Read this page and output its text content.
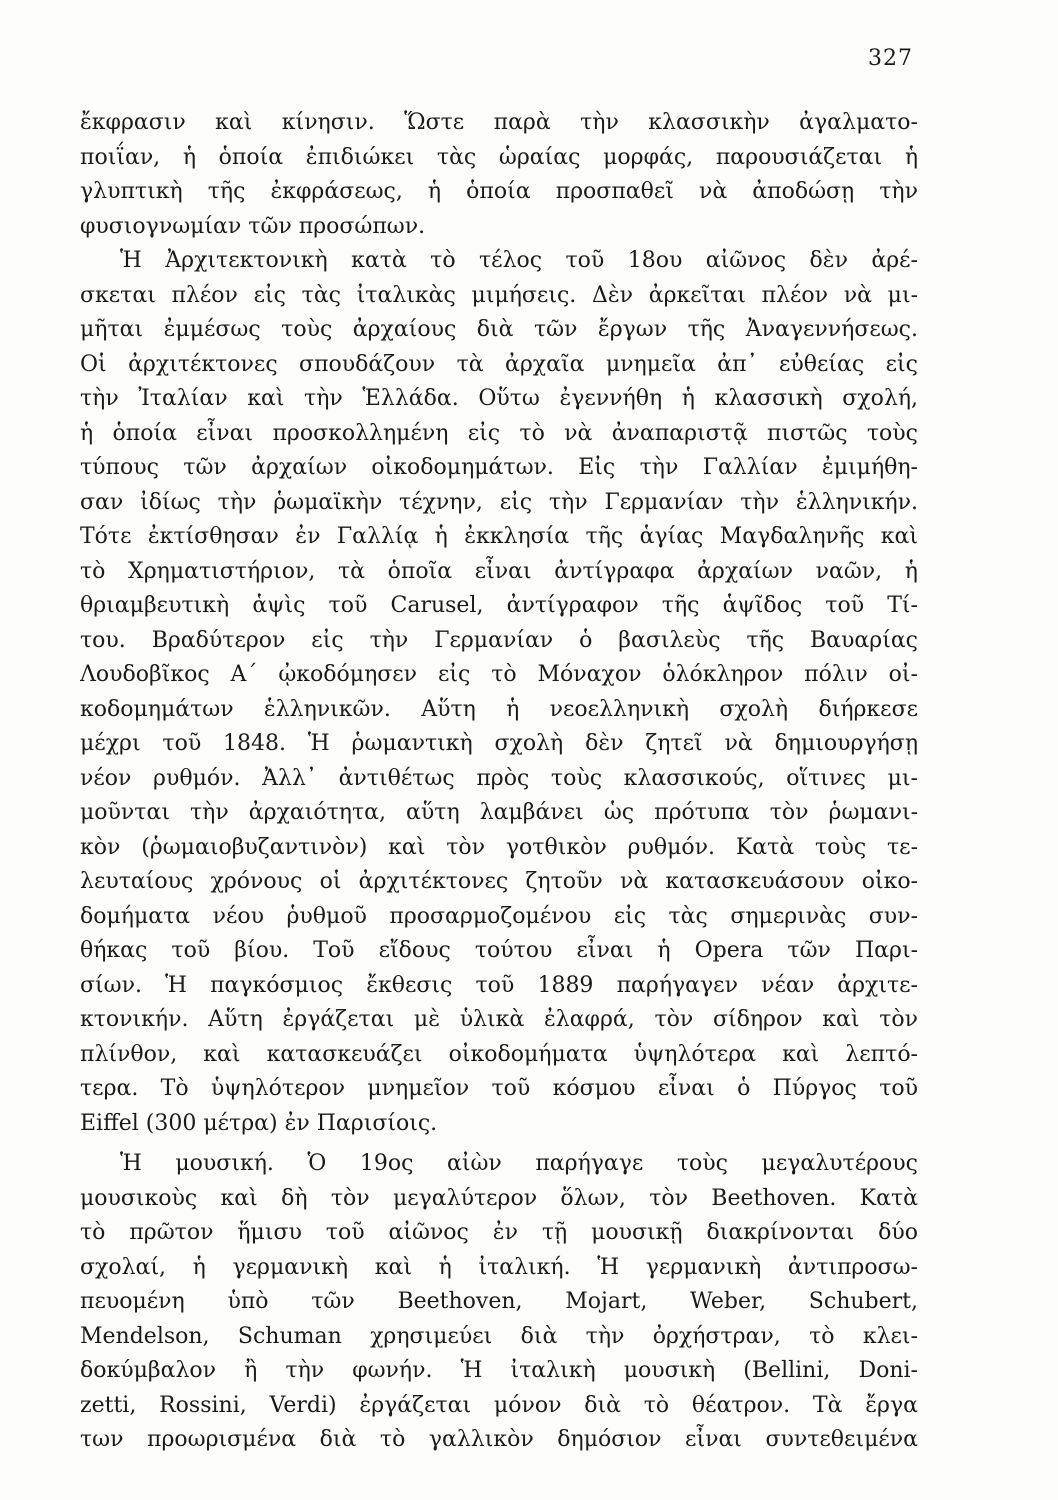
327
ἔκφρασιν καὶ κίνησιν. Ὥστε παρὰ τὴν κλασσικὴν ἀγαλματο-
ποιΐαν, ἡ ὁποία ἐπιδιώκει τὰς ὡραίας μορφάς, παρουσιάζεται ἡ
γλυπτικὴ τῆς ἐκφράσεως, ἡ ὁποία προσπαθεῖ νὰ ἀποδώσῃ τὴν
φυσιογνωμίαν τῶν προσώπων.
Ἡ Ἀρχιτεκτονικὴ κατὰ τὸ τέλος τοῦ 18ου αἰῶνος δὲν ἀρέ-
σκεται πλέον εἰς τὰς ἰταλικὰς μιμήσεις. Δὲν ἀρκεῖται πλέον νὰ μι-
μῆται ἐμμέσως τοὺς ἀρχαίους διὰ τῶν ἔργων τῆς Ἀναγεννήσεως.
Οἱ ἀρχιτέκτονες σπουδάζουν τὰ ἀρχαῖα μνημεῖα ἀπ᾿ εὐθείας εἰς
τὴν Ἰταλίαν καὶ τὴν Ἑλλάδα. Οὕτω ἐγεννήθη ἡ κλασσικὴ σχολή,
ἡ ὁποία εἶναι προσκολλημένη εἰς τὸ νὰ ἀναπαριστᾷ πιστῶς τοὺς
τύπους τῶν ἀρχαίων οἰκοδομημάτων. Εἰς τὴν Γαλλίαν ἐμιμήθη-
σαν ἰδίως τὴν ῥωμαϊκὴν τέχνην, εἰς τὴν Γερμανίαν τὴν ἑλληνικήν.
Τότε ἐκτίσθησαν ἐν Γαλλίᾳ ἡ ἐκκλησία τῆς ἁγίας Μαγδαληνῆς καὶ
τὸ Χρηματιστήριον, τὰ ὁποῖα εἶναι ἀντίγραφα ἀρχαίων ναῶν, ἡ
θριαμβευτικὴ ἁψὶς τοῦ Carusel, ἀντίγραφον τῆς ἁψῖδος τοῦ Τί-
του. Βραδύτερον εἰς τὴν Γερμανίαν ὁ βασιλεὺς τῆς Βαυαρίας
Λουδοβῖκος Α΄ ᾠκοδόμησεν εἰς τὸ Μόναχον ὁλόκληρον πόλιν οἰ-
κοδομημάτων ἑλληνικῶν. Αὕτη ἡ νεοελληνικὴ σχολὴ διήρκεσε
μέχρι τοῦ 1848. Ἡ ῥωμαντικὴ σχολὴ δὲν ζητεῖ νὰ δημιουργήσῃ
νέον ρυθμόν. Ἀλλ᾿ ἀντιθέτως πρὸς τοὺς κλασσικούς, οἵτινες μι-
μοῦνται τὴν ἀρχαιότητα, αὕτη λαμβάνει ὡς πρότυπα τὸν ῥωμανι-
κὸν (ῥωμαιοβυζαντινὸν) καὶ τὸν γοτθικὸν ρυθμόν. Κατὰ τοὺς τε-
λευταίους χρόνους οἱ ἀρχιτέκτονες ζητοῦν νὰ κατασκευάσουν οἰκο-
δομήματα νέου ῥυθμοῦ προσαρμοζομένου εἰς τὰς σημερινὰς συν-
θήκας τοῦ βίου. Τοῦ εἴδους τούτου εἶναι ἡ Opera τῶν Παρι-
σίων. Ἡ παγκόσμιος ἔκθεσις τοῦ 1889 παρήγαγεν νέαν ἀρχιτε-
κτονικήν. Αὕτη ἐργάζεται μὲ ὑλικὰ ἐλαφρά, τὸν σίδηρον καὶ τὸν
πλίνθον, καὶ κατασκευάζει οἰκοδομήματα ὑψηλότερα καὶ λεπτό-
τερα. Τὸ ὑψηλότερον μνημεῖον τοῦ κόσμου εἶναι ὁ Πύργος τοῦ
Eiffel (300 μέτρα) ἐν Παρισίοις.
Ἡ μουσική. Ὁ 19ος αἰὼν παρήγαγε τοὺς μεγαλυτέρους
μουσικοὺς καὶ δὴ τὸν μεγαλύτερον ὅλων, τὸν Beethoven. Κατὰ
τὸ πρῶτον ἥμισυ τοῦ αἰῶνος ἐν τῇ μουσικῇ διακρίνονται δύο
σχολαί, ἡ γερμανικὴ καὶ ἡ ἰταλική. Ἡ γερμανικὴ ἀντιπροσω-
πευομένη ὑπὸ τῶν Beethoven, Mojart, Weber, Schubert,
Mendelson, Schuman χρησιμεύει διὰ τὴν ὀρχήστραν, τὸ κλει-
δοκύμβαλον ἢ τὴν φωνήν. Ἡ ἰταλικὴ μουσικὴ (Bellini, Doni-
zetti, Rossini, Verdi) ἐργάζεται μόνον διὰ τὸ θέατρον. Τὰ ἔργα
των προωρισμένα διὰ τὸ γαλλικὸν δημόσιον εἶναι συντεθειμένα
